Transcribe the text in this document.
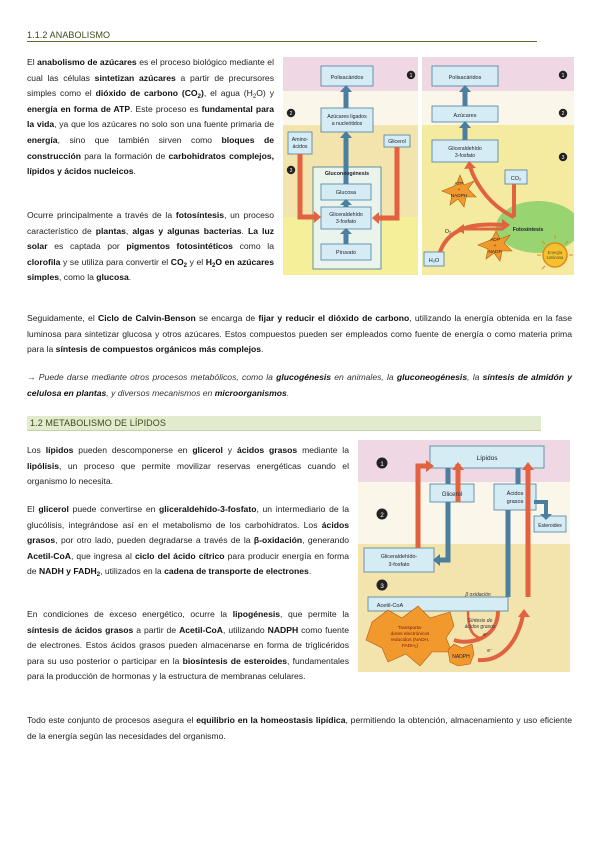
1.1.2 ANABOLISMO
El anabolismo de azúcares es el proceso biológico mediante el cual las células sintetizan azúcares a partir de precursores simples como el dióxido de carbono $(CO_2)$, el agua $(H_2O)$ y energía en forma de ATP. Este proceso es fundamental para la vida, ya que los azúcares no solo son una fuente primaria de energía, sino que también sirven como bloques de construcción para la formación de carbohidratos complejos, lípidos y ácidos nucleicos.
Ocurre principalmente a través de la fotosíntesis, un proceso característico de plantas, algas y algunas bacterias. La luz solar es captada por pigmentos fotosintéticos como la clorofila y se utiliza para convertir el $CO_2$ y el $H_2O$ en azúcares simples, como la glucosa.
Seguidamente, el Ciclo de Calvin-Benson se encarga de fijar y reducir el dióxido de carbono, utilizando la energía obtenida en la fase luminosa para sintetizar glucosa y otros azúcares. Estos compuestos pueden ser empleados como fuente de energía o como materia prima para la síntesis de compuestos orgánicos más complejos.
→ Puede darse mediante otros procesos metabólicos, como la glucogénesis en animales, la gluconeogénesis, la síntesis de almidón y celulosa en plantas, y diversos mecanismos en microorganismos.
Polisacáridos
Azúcares ligados
a nucleótidos
Amino-
ácidos
Glicerol
Gluconeogénesis
Glucosa
Gliceraldehído
3-fosfato
Piruvato
1
2
3
Polisacáridos
Azúcares
Gliceraldehído
3-fosfato
CO₂
ATP
+
NADPH
Fotosíntesis
O₂
H₂O
ADP
+
NADP	Energía
luminosa
1
2
3
1.2 METABOLISMO DE LÍPIDOS
Los lípidos pueden descomponerse en glicerol y ácidos grasos mediante la lipólisis, un proceso que permite movilizar reservas energéticas cuando el organismo lo necesita.
El glicerol puede convertirse en gliceraldehído-3-fosfato, un intermediario de la glucólisis, integrándose así en el metabolismo de los carbohidratos. Los ácidos grasos, por otro lado, pueden degradarse a través de la β-oxidación, generando Acetil-CoA, que ingresa al ciclo del ácido cítrico para producir energía en forma de NADH y $FADH_2$, utilizados en la cadena de transporte de electrones.
En condiciones de exceso energético, ocurre la lipogénesis, que permite la síntesis de ácidos grasos a partir de Acetil-CoA, utilizando NADPH como fuente de electrones. Estos ácidos grasos pueden almacenarse en forma de triglicéridos para su uso posterior o participar en la biosíntesis de esteroides, fundamentales para la producción de hormonas y la estructura de membranas celulares.
Todo este conjunto de procesos asegura el equilibrio en la homeostasis lipídica, permitiendo la obtención, almacenamiento y uso eficiente de la energía según las necesidades del organismo.
Lípidos
Glicerol	Ácidos
grasos
Esteroides
Gliceraldehído-
3-fosfato
Acetil-CoA
β oxidación
Síntesis de
ácidos grasos
Transporta-
dores electrónicos
reducidos (NADH,
FADH₂)
NADPH
e⁻
e⁻
1
2
3
